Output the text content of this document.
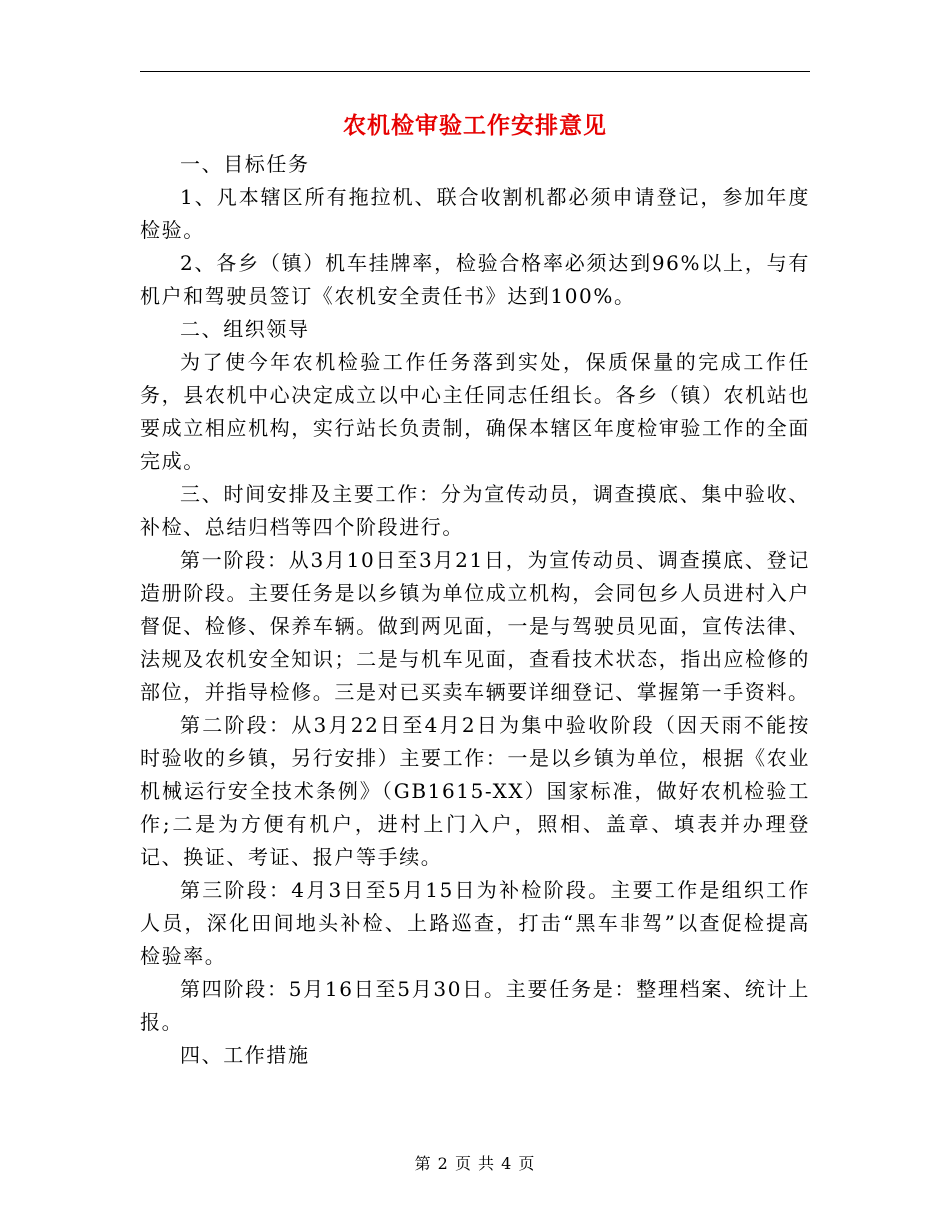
农机检审验工作安排意见

一、目标任务

1、凡本辖区所有拖拉机、联合收割机都必须申请登记，参加年度检验。

2、各乡（镇）机车挂牌率，检验合格率必须达到96%以上，与有机户和驾驶员签订《农机安全责任书》达到100%。

二、组织领导

为了使今年农机检验工作任务落到实处，保质保量的完成工作任务，县农机中心决定成立以中心主任同志任组长。各乡（镇）农机站也要成立相应机构，实行站长负责制，确保本辖区年度检审验工作的全面完成。

三、时间安排及主要工作：分为宣传动员，调查摸底、集中验收、补检、总结归档等四个阶段进行。

第一阶段：从3月10日至3月21日，为宣传动员、调查摸底、登记造册阶段。主要任务是以乡镇为单位成立机构，会同包乡人员进村入户督促、检修、保养车辆。做到两见面，一是与驾驶员见面，宣传法律、法规及农机安全知识；二是与机车见面，查看技术状态，指出应检修的部位，并指导检修。三是对已买卖车辆要详细登记、掌握第一手资料。

第二阶段：从3月22日至4月2日为集中验收阶段（因天雨不能按时验收的乡镇，另行安排）主要工作：一是以乡镇为单位，根据《农业机械运行安全技术条例》（GB1615-XX）国家标准，做好农机检验工作;二是为方便有机户，进村上门入户，照相、盖章、填表并办理登记、换证、考证、报户等手续。

第三阶段：4月3日至5月15日为补检阶段。主要工作是组织工作人员，深化田间地头补检、上路巡查，打击“黑车非驾”以查促检提高检验率。

第四阶段：5月16日至5月30日。主要任务是：整理档案、统计上报。

四、工作措施

第 2 页 共 4 页
